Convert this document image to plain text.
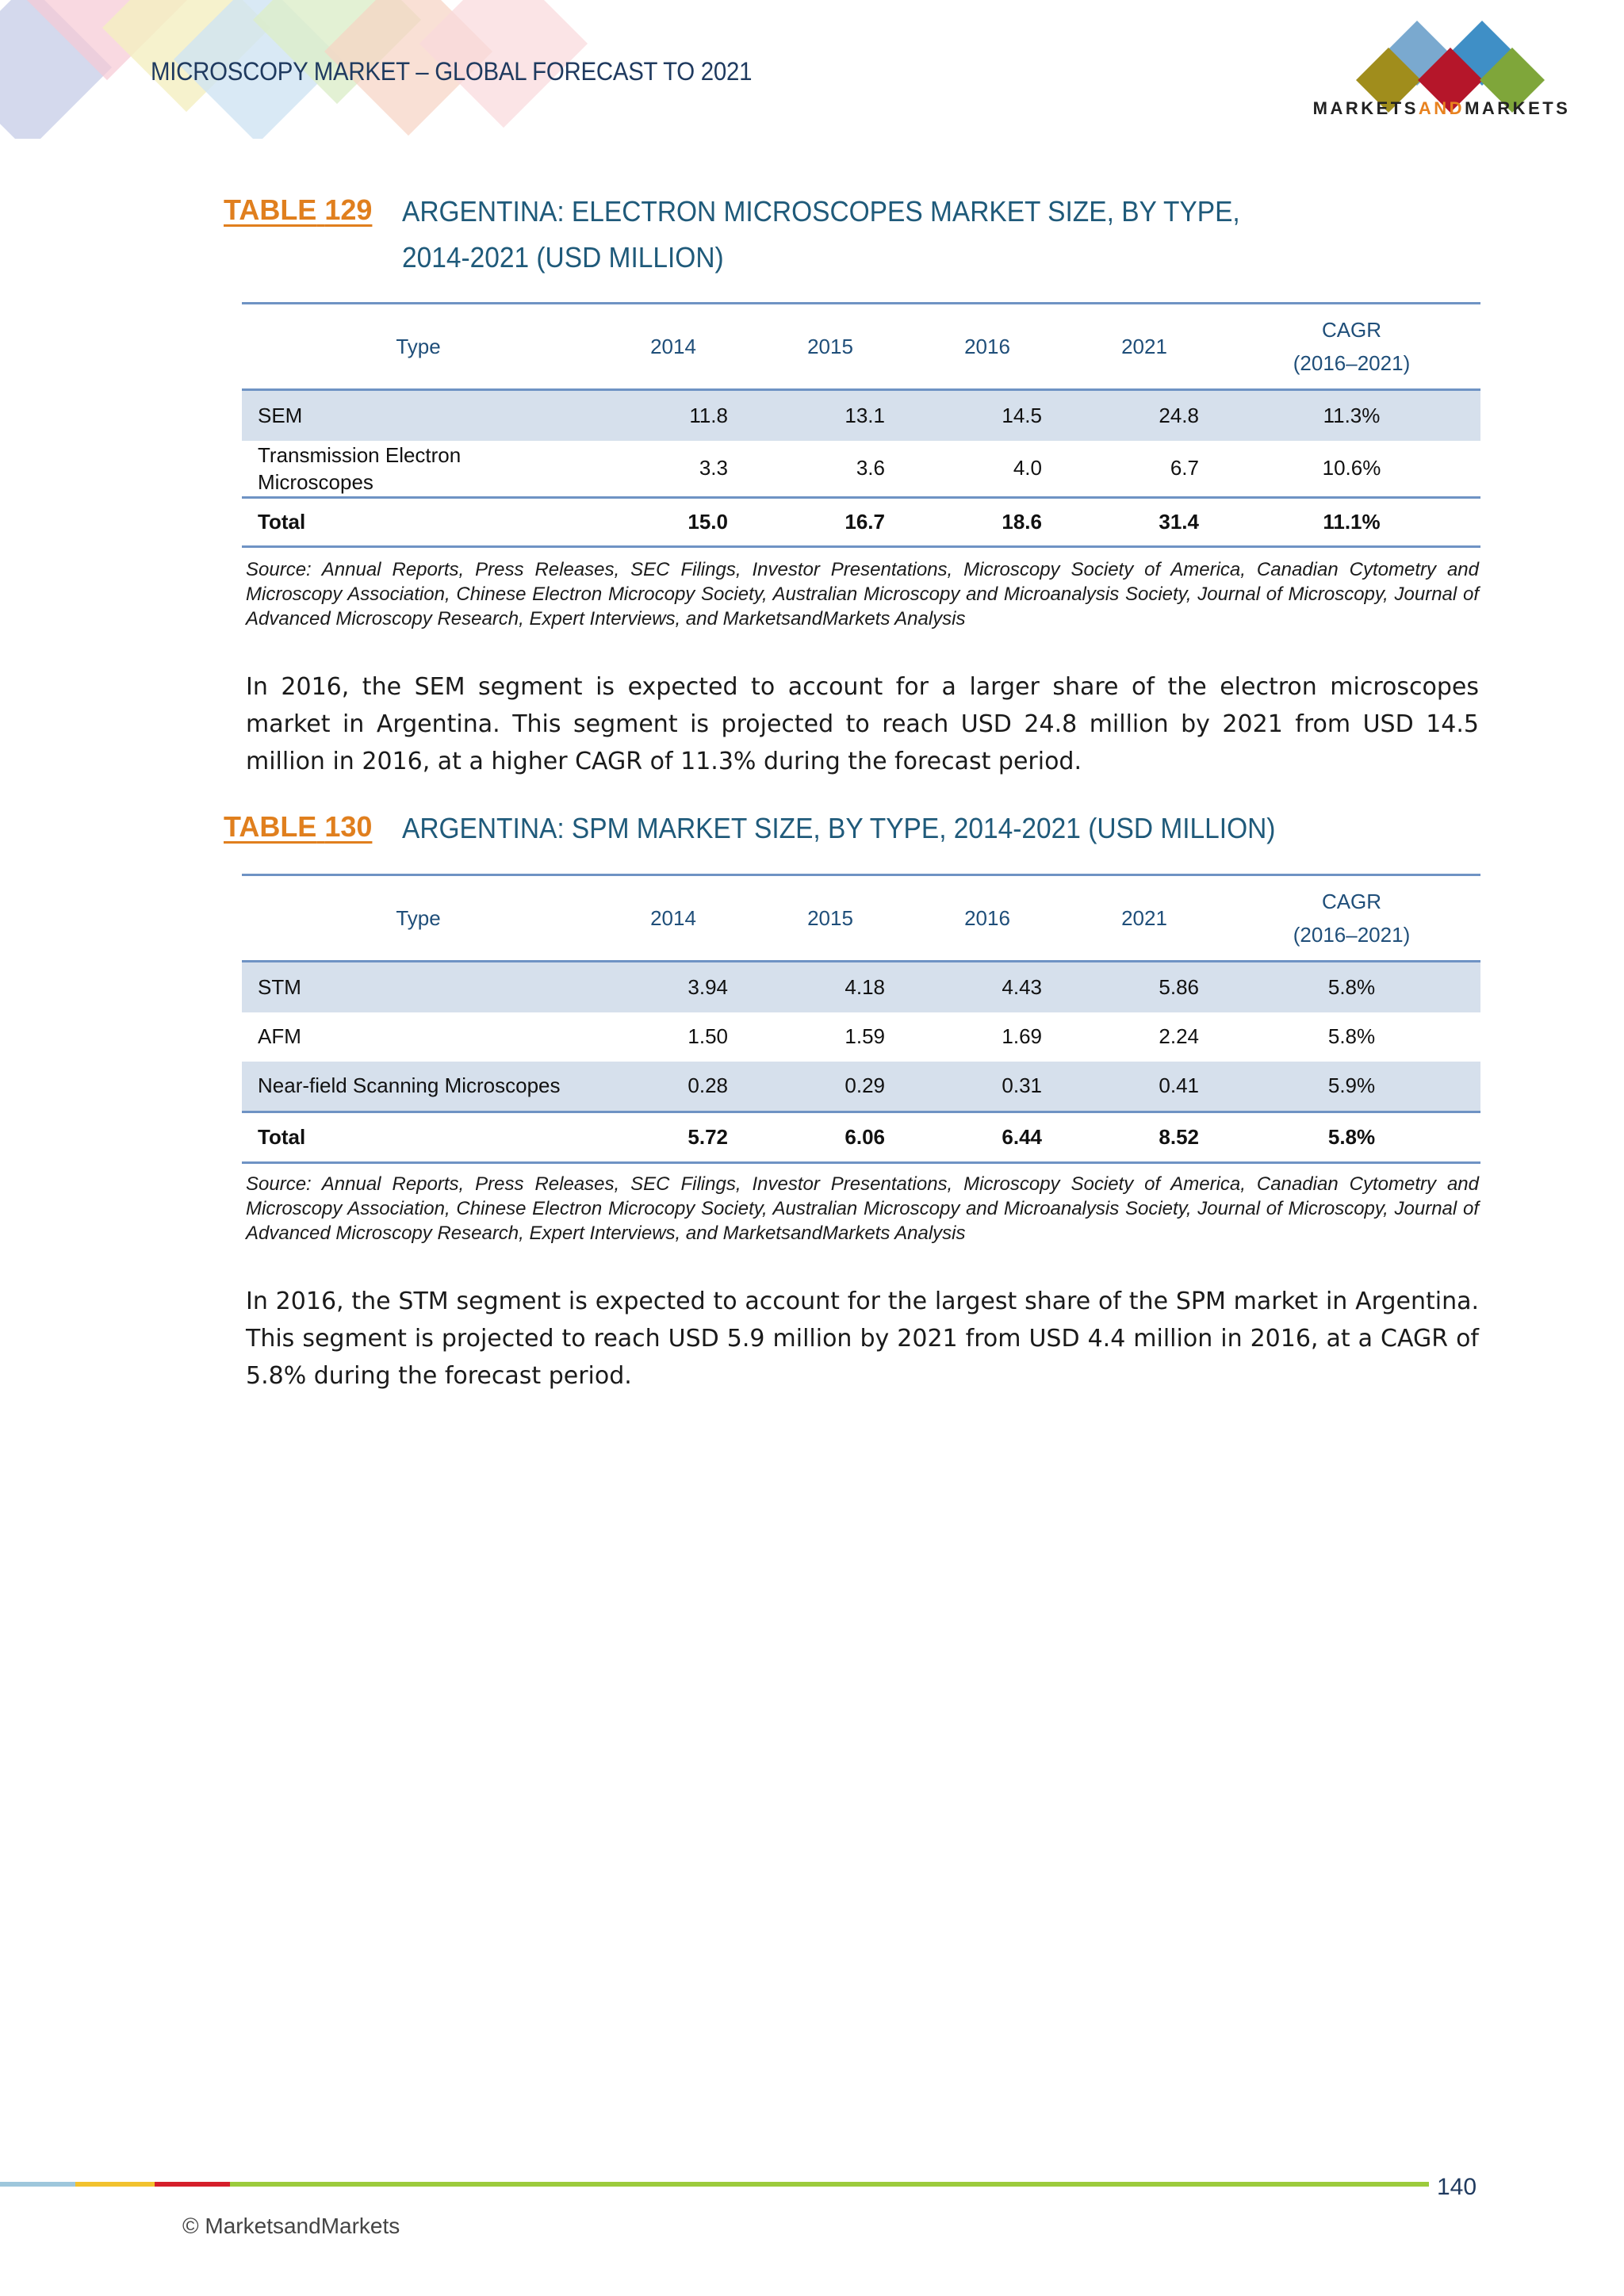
MICROSCOPY MARKET – GLOBAL FORECAST TO 2021
MARKETSANDMARKETS
TABLE 129 ARGENTINA: ELECTRON MICROSCOPES MARKET SIZE, BY TYPE,
2014-2021 (USD MILLION)
Type	2014	2015	2016	2021	CAGR
(2016–2021)

SEM	11.8	13.1	14.5	24.8	11.3%

Transmission Electron
Microscopes	3.3	3.6	4.0	6.7	10.6%
Total	15.0	16.7	18.6	31.4	11.1%
Source: Annual Reports, Press Releases, SEC Filings, Investor Presentations, Microscopy Society of America, Canadian Cytometry and Microscopy Association, Chinese Electron Microcopy Society, Australian Microscopy and Microanalysis Society, Journal of Microscopy, Journal of Advanced Microscopy Research, Expert Interviews, and MarketsandMarkets Analysis
In 2016, the SEM segment is expected to account for a larger share of the electron microscopes market in Argentina. This segment is projected to reach USD 24.8 million by 2021 from USD 14.5 million in 2016, at a higher CAGR of 11.3% during the forecast period.
TABLE 130 ARGENTINA: SPM MARKET SIZE, BY TYPE, 2014-2021 (USD MILLION)
Type	2014	2015	2016	2021	CAGR
(2016–2021)

STM	3.94	4.18	4.43	5.86	5.8%
AFM	1.50	1.59	1.69	2.24	5.8%
Near-field Scanning Microscopes	0.28	0.29	0.31	0.41	5.9%
Total	5.72	6.06	6.44	8.52	5.8%
Source: Annual Reports, Press Releases, SEC Filings, Investor Presentations, Microscopy Society of America, Canadian Cytometry and Microscopy Association, Chinese Electron Microcopy Society, Australian Microscopy and Microanalysis Society, Journal of Microscopy, Journal of Advanced Microscopy Research, Expert Interviews, and MarketsandMarkets Analysis
In 2016, the STM segment is expected to account for the largest share of the SPM market in Argentina. This segment is projected to reach USD 5.9 million by 2021 from USD 4.4 million in 2016, at a CAGR of 5.8% during the forecast period.
140
© MarketsandMarkets
